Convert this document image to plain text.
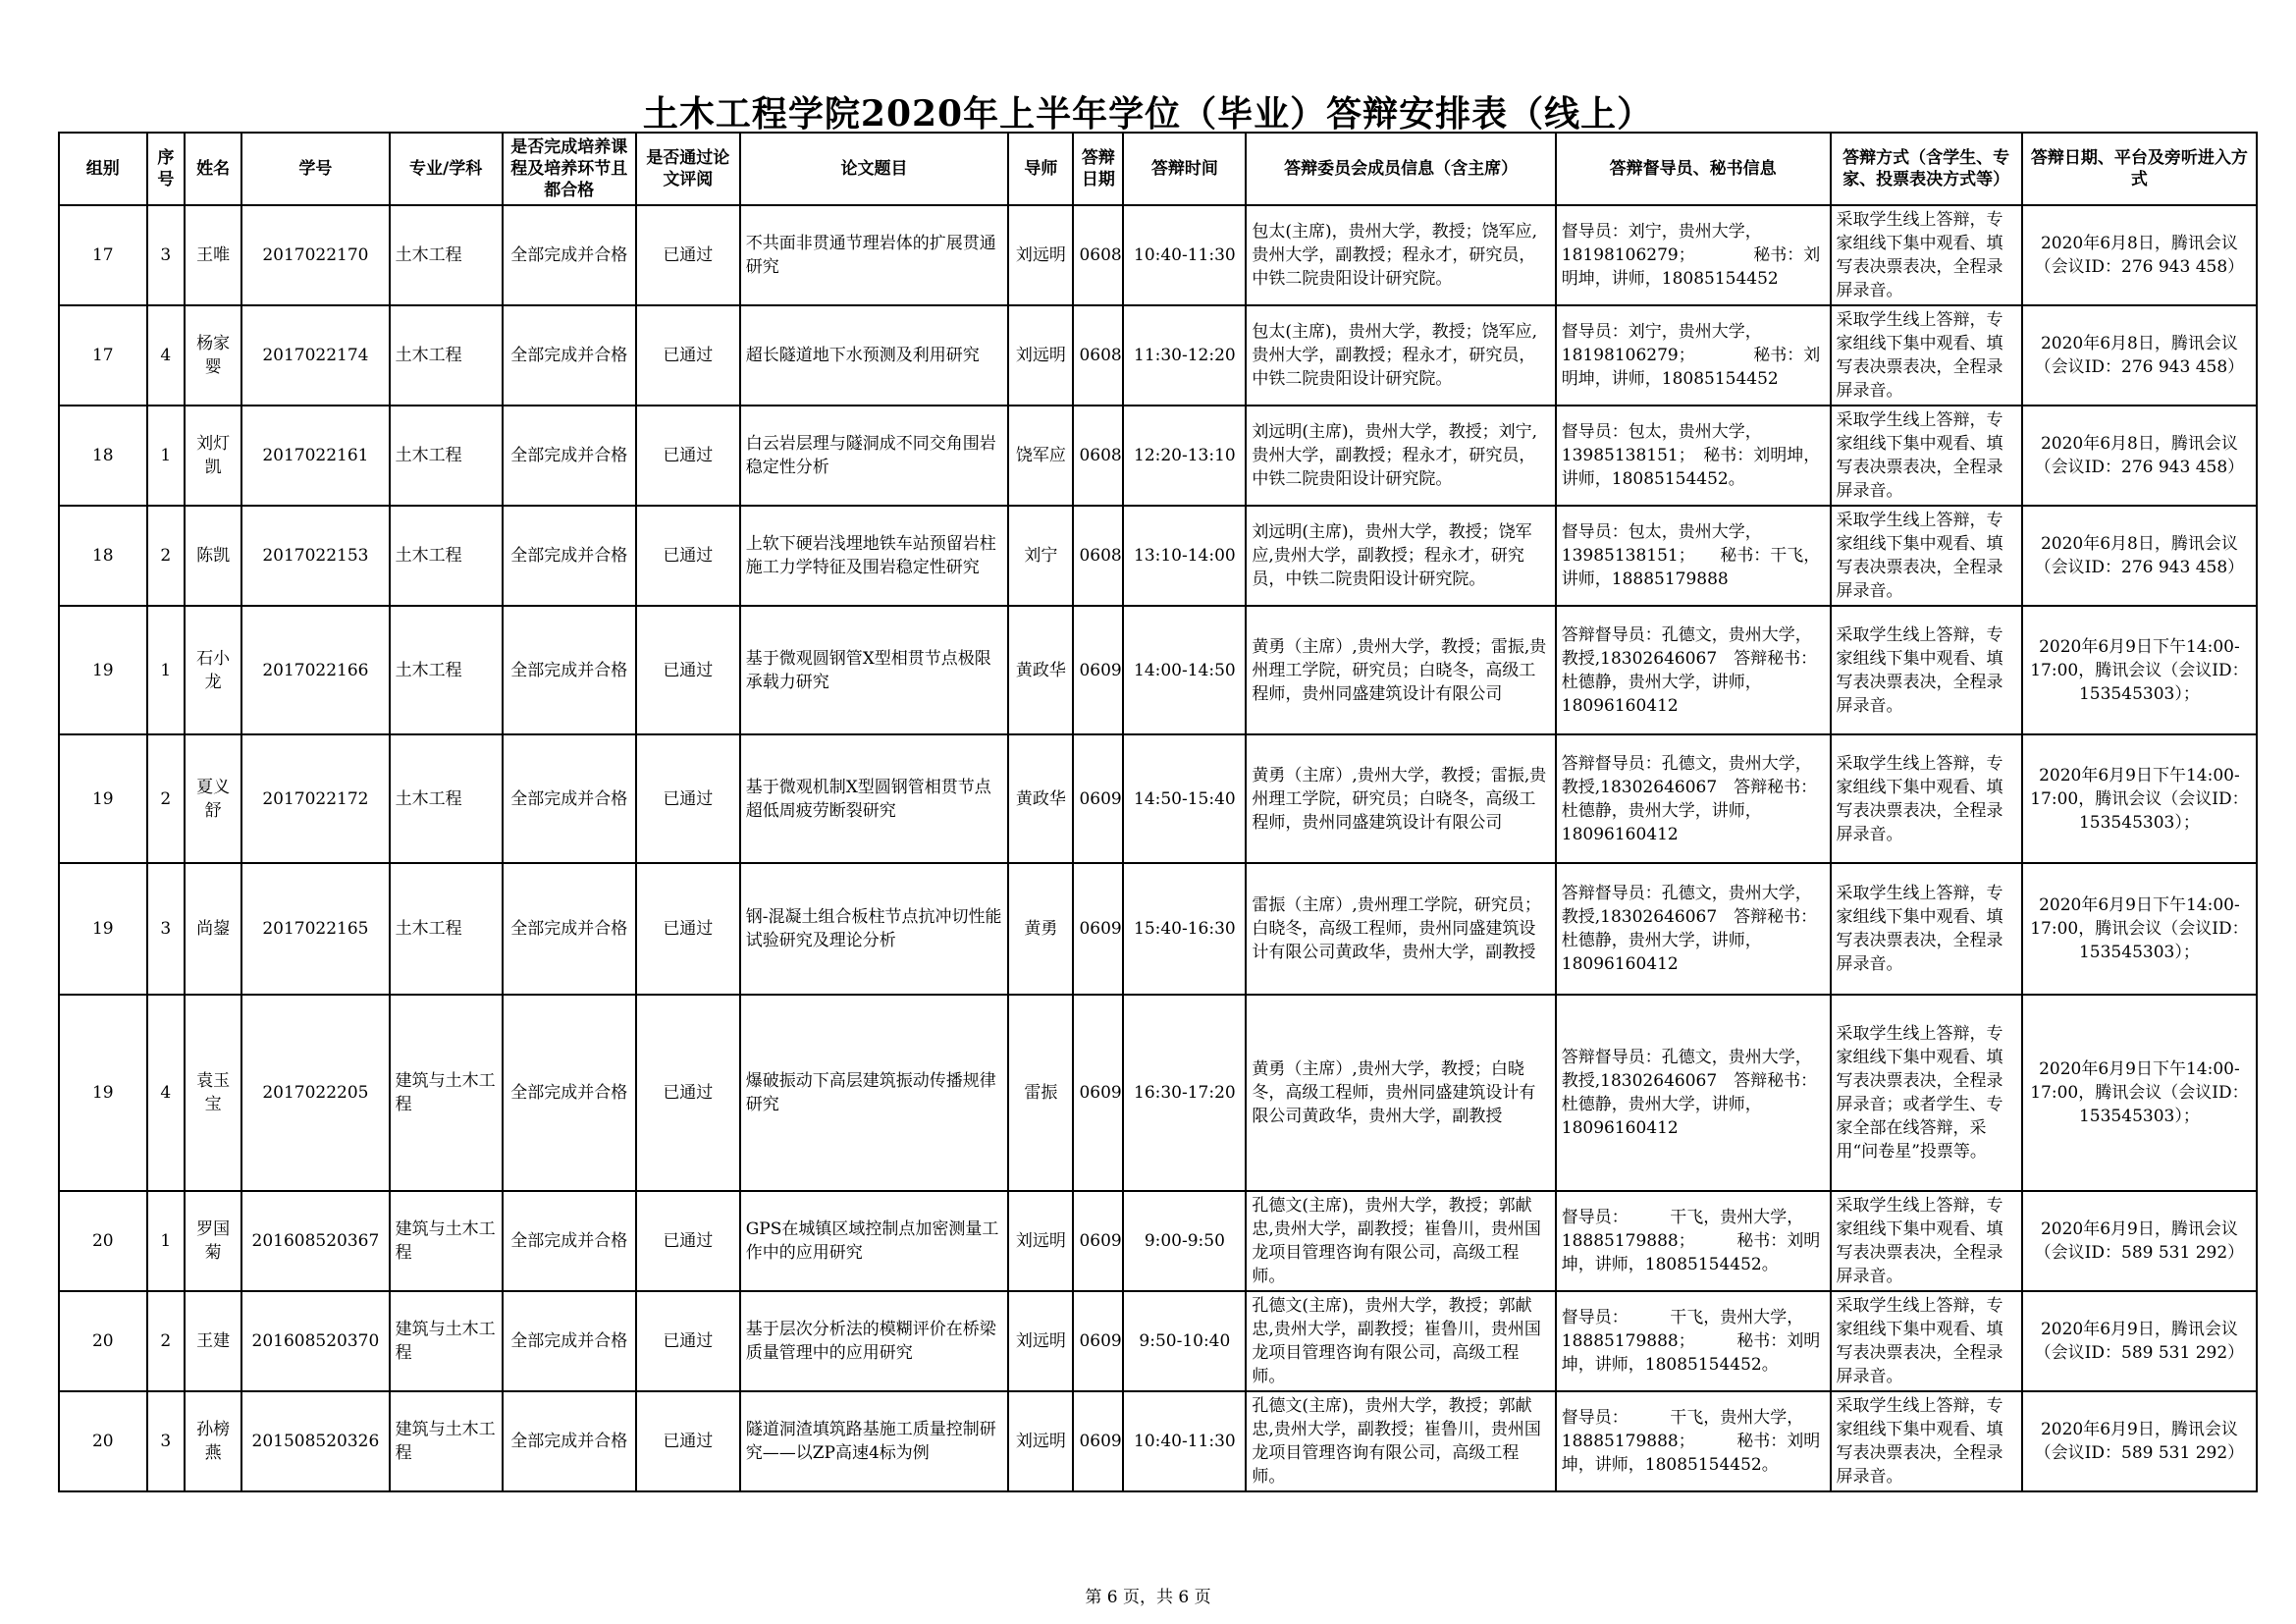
土木工程学院2020年上半年学位（毕业）答辩安排表（线上）
组别	序号	姓名	学号	专业/学科	是否完成培养课程及培养环节且都合格	是否通过论文评阅	论文题目	导师	答辩日期	答辩时间	答辩委员会成员信息（含主席）	答辩督导员、秘书信息	答辩方式（含学生、专家、投票表决方式等）	答辩日期、平台及旁听进入方式
17	3	王唯	2017022170	土木工程	全部完成并合格	已通过	不共面非贯通节理岩体的扩展贯通研究	刘远明	0608	10:40-11:30	包太(主席)，贵州大学，教授；饶军应,贵州大学，副教授；程永才，研究员，中铁二院贵阳设计研究院。	督导员：刘宁，贵州大学，18198106279；　　　　秘书：刘明坤，讲师，18085154452	采取学生线上答辩，专家组线下集中观看、填写表决票表决，全程录屏录音。	2020年6月8日，腾讯会议（会议ID：276 943 458）
17	4	杨家婴	2017022174	土木工程	全部完成并合格	已通过	超长隧道地下水预测及利用研究	刘远明	0608	11:30-12:20	包太(主席)，贵州大学，教授；饶军应,贵州大学，副教授；程永才，研究员，中铁二院贵阳设计研究院。	督导员：刘宁，贵州大学，18198106279；　　　　秘书：刘明坤，讲师，18085154452	采取学生线上答辩，专家组线下集中观看、填写表决票表决，全程录屏录音。	2020年6月8日，腾讯会议（会议ID：276 943 458）
18	1	刘灯凯	2017022161	土木工程	全部完成并合格	已通过	白云岩层理与隧洞成不同交角围岩稳定性分析	饶军应	0608	12:20-13:10	刘远明(主席)，贵州大学，教授；刘宁,贵州大学，副教授；程永才，研究员，中铁二院贵阳设计研究院。	督导员：包太，贵州大学，13985138151；　秘书：刘明坤，讲师，18085154452。	采取学生线上答辩，专家组线下集中观看、填写表决票表决，全程录屏录音。	2020年6月8日，腾讯会议（会议ID：276 943 458）
18	2	陈凯	2017022153	土木工程	全部完成并合格	已通过	上软下硬岩浅埋地铁车站预留岩柱施工力学特征及围岩稳定性研究	刘宁	0608	13:10-14:00	刘远明(主席)，贵州大学，教授；饶军应,贵州大学，副教授；程永才，研究员，中铁二院贵阳设计研究院。	督导员：包太，贵州大学，13985138151；　　秘书：干飞，讲师，18885179888	采取学生线上答辩，专家组线下集中观看、填写表决票表决，全程录屏录音。	2020年6月8日，腾讯会议（会议ID：276 943 458）
19	1	石小龙	2017022166	土木工程	全部完成并合格	已通过	基于微观圆钢管X型相贯节点极限承载力研究	黄政华	0609	14:00-14:50	黄勇（主席）,贵州大学，教授；雷振,贵州理工学院，研究员；白晓冬，高级工程师，贵州同盛建筑设计有限公司	答辩督导员：孔德文，贵州大学，教授,18302646067　答辩秘书：杜德静，贵州大学，讲师，18096160412	采取学生线上答辩，专家组线下集中观看、填写表决票表决，全程录屏录音。	2020年6月9日下午14:00-17:00，腾讯会议（会议ID：153545303）；
19	2	夏义舒	2017022172	土木工程	全部完成并合格	已通过	基于微观机制X型圆钢管相贯节点超低周疲劳断裂研究	黄政华	0609	14:50-15:40	黄勇（主席）,贵州大学，教授；雷振,贵州理工学院，研究员；白晓冬，高级工程师，贵州同盛建筑设计有限公司	答辩督导员：孔德文，贵州大学，教授,18302646067　答辩秘书：杜德静，贵州大学，讲师，18096160412	采取学生线上答辩，专家组线下集中观看、填写表决票表决，全程录屏录音。	2020年6月9日下午14:00-17:00，腾讯会议（会议ID：153545303）；
19	3	尚鋆	2017022165	土木工程	全部完成并合格	已通过	钢-混凝土组合板柱节点抗冲切性能试验研究及理论分析	黄勇	0609	15:40-16:30	雷振（主席）,贵州理工学院，研究员；白晓冬，高级工程师，贵州同盛建筑设计有限公司黄政华，贵州大学，副教授	答辩督导员：孔德文，贵州大学，教授,18302646067　答辩秘书：杜德静，贵州大学，讲师，18096160412	采取学生线上答辩，专家组线下集中观看、填写表决票表决，全程录屏录音。	2020年6月9日下午14:00-17:00，腾讯会议（会议ID：153545303）；
19	4	袁玉宝	2017022205	建筑与土木工程	全部完成并合格	已通过	爆破振动下高层建筑振动传播规律研究	雷振	0609	16:30-17:20	黄勇（主席）,贵州大学，教授；白晓冬，高级工程师，贵州同盛建筑设计有限公司黄政华，贵州大学，副教授	答辩督导员：孔德文，贵州大学，教授,18302646067　答辩秘书：杜德静，贵州大学，讲师，18096160412	采取学生线上答辩，专家组线下集中观看、填写表决票表决，全程录屏录音；或者学生、专家全部在线答辩，采用“问卷星”投票等。	2020年6月9日下午14:00-17:00，腾讯会议（会议ID：153545303）；
20	1	罗国菊	201608520367	建筑与土木工程	全部完成并合格	已通过	GPS在城镇区域控制点加密测量工作中的应用研究	刘远明	0609	9:00-9:50	孔德文(主席)，贵州大学，教授；郭献忠,贵州大学，副教授；崔鲁川，贵州国龙项目管理咨询有限公司，高级工程师。	督导员：　　　干飞，贵州大学，18885179888；　　　秘书：刘明坤，讲师，18085154452。	采取学生线上答辩，专家组线下集中观看、填写表决票表决，全程录屏录音。	2020年6月9日，腾讯会议（会议ID：589 531 292）
20	2	王建	201608520370	建筑与土木工程	全部完成并合格	已通过	基于层次分析法的模糊评价在桥梁质量管理中的应用研究	刘远明	0609	9:50-10:40	孔德文(主席)，贵州大学，教授；郭献忠,贵州大学，副教授；崔鲁川，贵州国龙项目管理咨询有限公司，高级工程师。	督导员：　　　干飞，贵州大学，18885179888；　　　秘书：刘明坤，讲师，18085154452。	采取学生线上答辩，专家组线下集中观看、填写表决票表决，全程录屏录音。	2020年6月9日，腾讯会议（会议ID：589 531 292）
20	3	孙榜燕	201508520326	建筑与土木工程	全部完成并合格	已通过	隧道洞渣填筑路基施工质量控制研究——以ZP高速4标为例	刘远明	0609	10:40-11:30	孔德文(主席)，贵州大学，教授；郭献忠,贵州大学，副教授；崔鲁川，贵州国龙项目管理咨询有限公司，高级工程师。	督导员：　　　干飞，贵州大学，18885179888；　　　秘书：刘明坤，讲师，18085154452。	采取学生线上答辩，专家组线下集中观看、填写表决票表决，全程录屏录音。	2020年6月9日，腾讯会议（会议ID：589 531 292）
第 6 页，共 6 页
